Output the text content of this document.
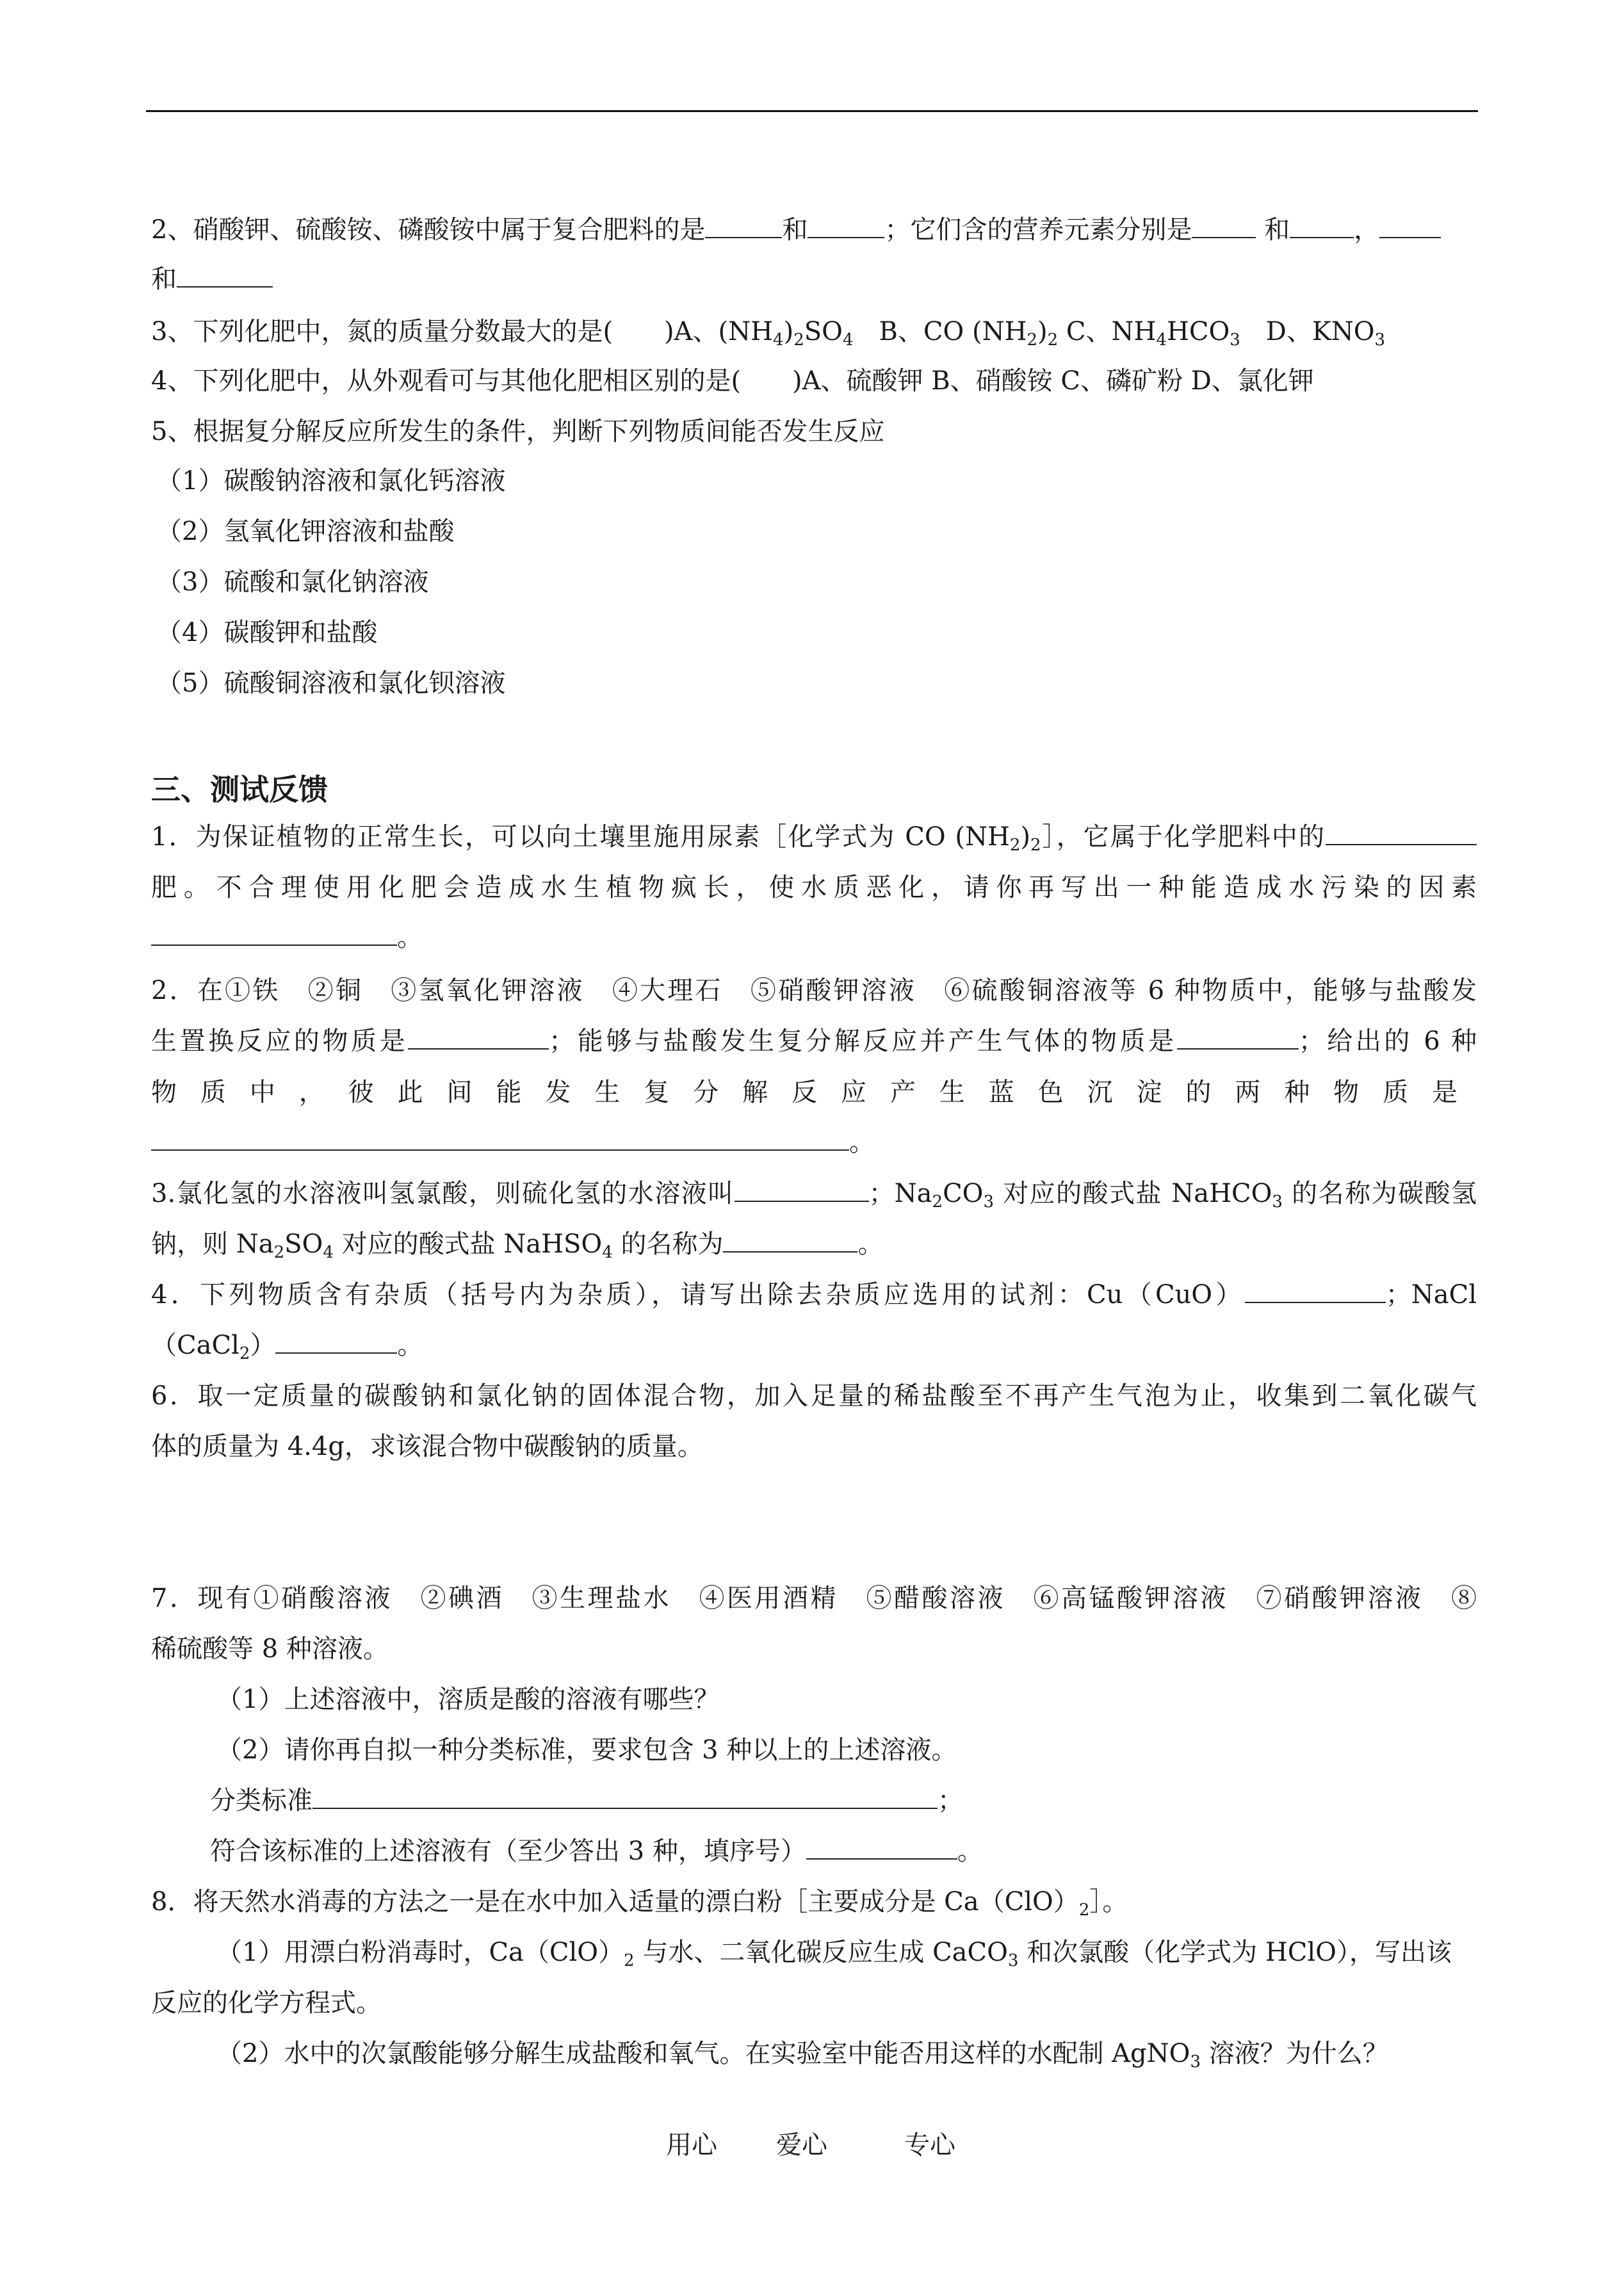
2、硝酸钾、硫酸铵、磷酸铵中属于复合肥料的是	和	；它们含的营养元素分别是	和	，
和
3、下列化肥中，氮的质量分数最大的是(　　)A、$(NH_4)_2SO_4$　B、CO $(NH_2)_2$ C、$NH_4HCO_3$　D、$KNO_3$
4、下列化肥中，从外观看可与其他化肥相区别的是(　　)A、硫酸钾 B、硝酸铵 C、磷矿粉 D、氯化钾
5、根据复分解反应所发生的条件，判断下列物质间能否发生反应
（1）碳酸钠溶液和氯化钙溶液
（2）氢氧化钾溶液和盐酸
（3）硫酸和氯化钠溶液
（4）碳酸钾和盐酸
（5）硫酸铜溶液和氯化钡溶液
三、测试反馈
1．为保证植物的正常生长，可以向土壤里施用尿素［化学式为 CO $(NH_2)_2]$，它属于化学肥料中的
肥。不合理使用化肥会造成水生植物疯长，使水质恶化，请你再写出一种能造成水污染的因素
。
2．在①铁　②铜　③氢氧化钾溶液　④大理石　⑤硝酸钾溶液　⑥硫酸铜溶液等 6 种物质中，能够与盐酸发
生置换反应的物质是	；能够与盐酸发生复分解反应并产生气体的物质是	；给出的 6 种
物质中，彼此间能发生复分解反应产生蓝色沉淀的两种物质是
。
3.氯化氢的水溶液叫氢氯酸，则硫化氢的水溶液叫	；$Na_2CO_3$ 对应的酸式盐 NaHCO$_3$ 的名称为碳酸氢
钠，则 $Na_2SO_4$ 对应的酸式盐 NaHSO$_4$ 的名称为	。
4．下列物质含有杂质（括号内为杂质），请写出除去杂质应选用的试剂：Cu（CuO）	；NaCl
（CaCl$_2$）	。
6．取一定质量的碳酸钠和氯化钠的固体混合物，加入足量的稀盐酸至不再产生气泡为止，收集到二氧化碳气
体的质量为 4.4g，求该混合物中碳酸钠的质量。
7．现有①硝酸溶液　②碘酒　③生理盐水　④医用酒精　⑤醋酸溶液　⑥高锰酸钾溶液　⑦硝酸钾溶液　⑧
稀硫酸等 8 种溶液。
（1）上述溶液中，溶质是酸的溶液有哪些？
（2）请你再自拟一种分类标准，要求包含 3 种以上的上述溶液。
分类标准	；
符合该标准的上述溶液有（至少答出 3 种，填序号）	。
8．将天然水消毒的方法之一是在水中加入适量的漂白粉［主要成分是 $Ca(ClO)_2]$。
（1）用漂白粉消毒时，$Ca(ClO)_2$ 与水、二氧化碳反应生成 CaCO$_3$ 和次氯酸（化学式为 HClO），写出该
反应的化学方程式。
（2）水中的次氯酸能够分解生成盐酸和氧气。在实验室中能否用这样的水配制 AgNO$_3$ 溶液？为什么？
用心 爱心	专心
